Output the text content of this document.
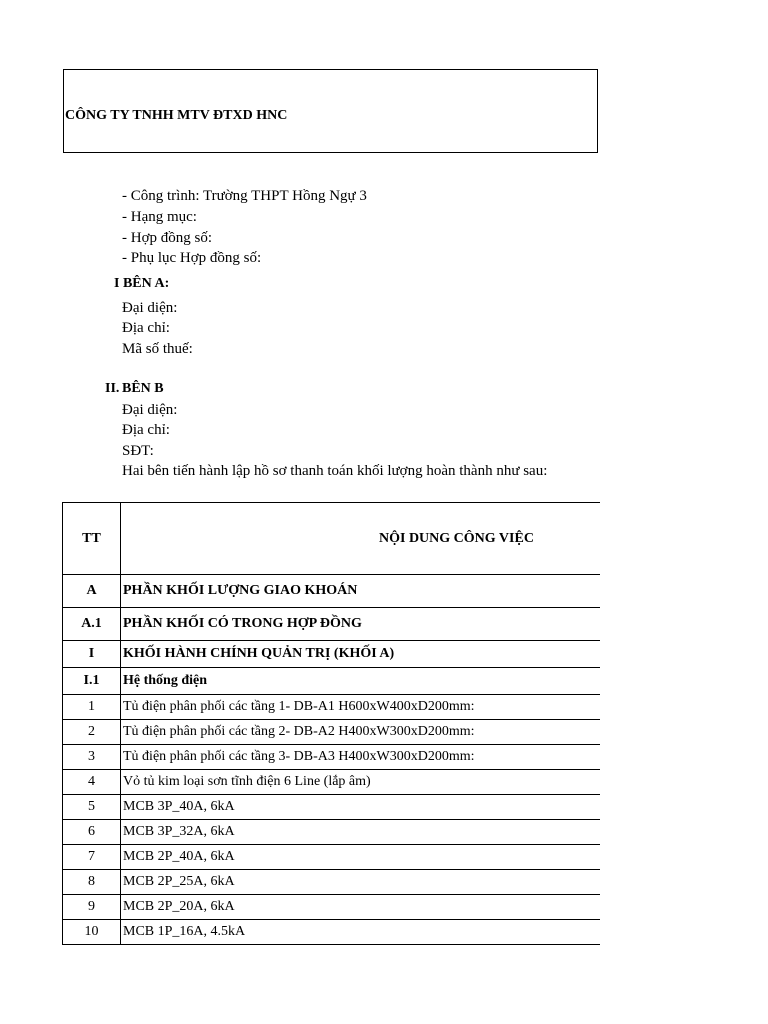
CÔNG TY TNHH MTV ĐTXD HNC
- Công trình: Trường THPT Hồng Ngự 3
- Hạng mục:
- Hợp đồng số:
- Phụ lục Hợp đồng số:
I BÊN A:
Đại diện:
Địa chỉ:
Mã số thuế:
II. BÊN B
Đại diện:
Địa chỉ:
SĐT:
Hai bên tiến hành lập hồ sơ thanh toán khối lượng hoàn thành như sau:
TT	NỘI DUNG CÔNG VIỆC
A	PHẦN KHỐI LƯỢNG GIAO KHOÁN
A.1	PHẦN KHỐI CÓ TRONG HỢP ĐỒNG
I	KHỐI HÀNH CHÍNH QUẢN TRỊ (KHỐI A)
I.1	Hệ thống điện
1	Tủ điện phân phối các tầng 1- DB-A1 H600xW400xD200mm:
2	Tủ điện phân phối các tầng 2- DB-A2 H400xW300xD200mm:
3	Tủ điện phân phối các tầng 3- DB-A3 H400xW300xD200mm:
4	Vỏ tủ kim loại sơn tĩnh điện 6 Line (lắp âm)
5	MCB 3P_40A, 6kA
6	MCB 3P_32A, 6kA
7	MCB 2P_40A, 6kA
8	MCB 2P_25A, 6kA
9	MCB 2P_20A, 6kA
10	MCB 1P_16A, 4.5kA
